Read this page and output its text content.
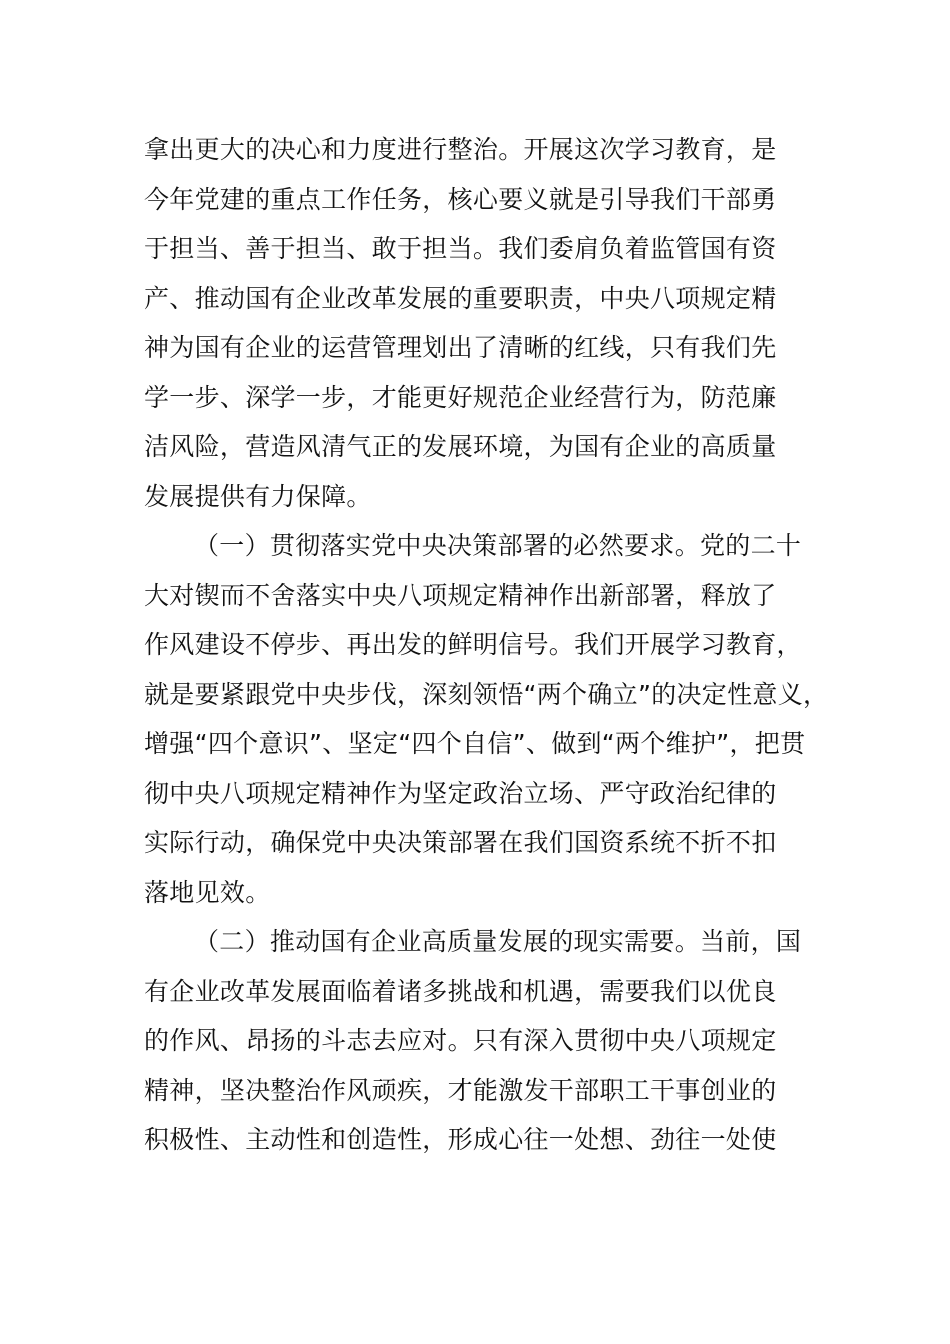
拿出更大的决心和力度进行整治。开展这次学习教育，是
今年党建的重点工作任务，核心要义就是引导我们干部勇
于担当、善于担当、敢于担当。我们委肩负着监管国有资
产、推动国有企业改革发展的重要职责，中央八项规定精
神为国有企业的运营管理划出了清晰的红线，只有我们先
学一步、深学一步，才能更好规范企业经营行为，防范廉
洁风险，营造风清气正的发展环境，为国有企业的高质量
发展提供有力保障。
（一）贯彻落实党中央决策部署的必然要求。党的二十
大对锲而不舍落实中央八项规定精神作出新部署，释放了
作风建设不停步、再出发的鲜明信号。我们开展学习教育，
就是要紧跟党中央步伐，深刻领悟“两个确立”的决定性意义，
增强“四个意识”、坚定“四个自信”、做到“两个维护”，把贯
彻中央八项规定精神作为坚定政治立场、严守政治纪律的
实际行动，确保党中央决策部署在我们国资系统不折不扣
落地见效。
（二）推动国有企业高质量发展的现实需要。当前，国
有企业改革发展面临着诸多挑战和机遇，需要我们以优良
的作风、昂扬的斗志去应对。只有深入贯彻中央八项规定
精神，坚决整治作风顽疾，才能激发干部职工干事创业的
积极性、主动性和创造性，形成心往一处想、劲往一处使
